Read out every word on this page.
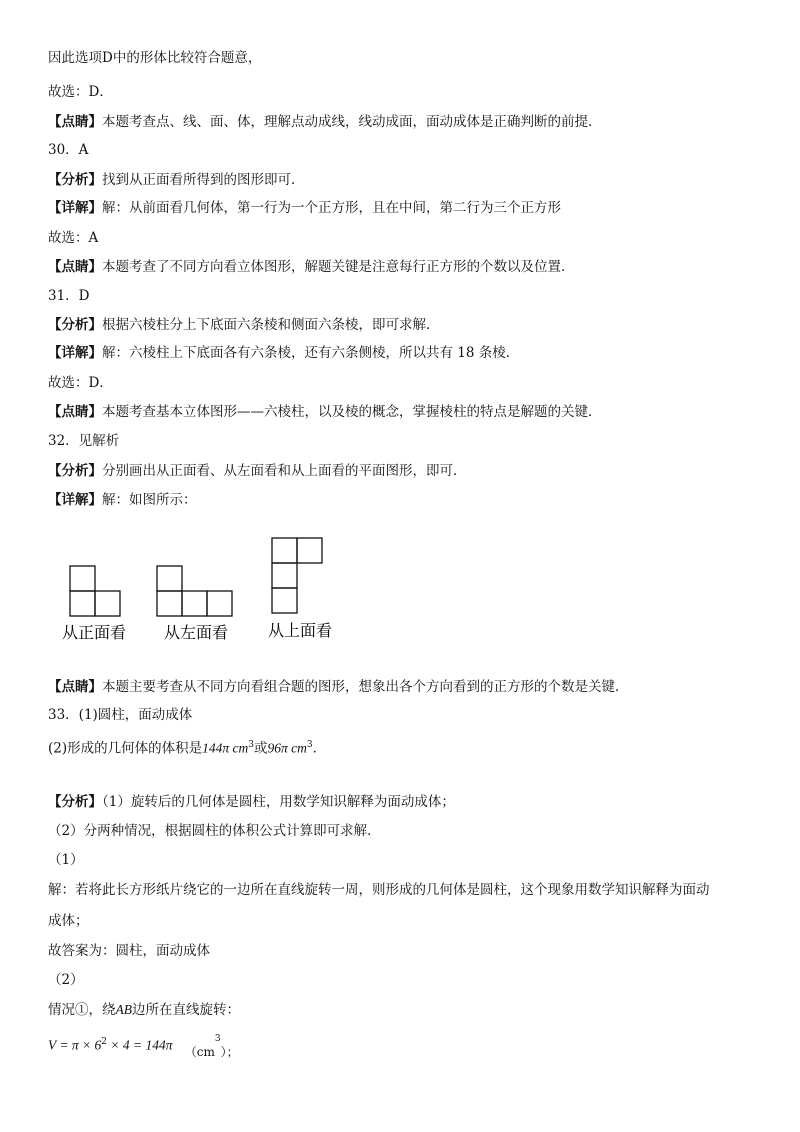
因此选项D中的形体比较符合题意，
故选：D．
【点睛】本题考查点、线、面、体，理解点动成线，线动成面，面动成体是正确判断的前提．
30．A
【分析】找到从正面看所得到的图形即可．
【详解】解：从前面看几何体，第一行为一个正方形，且在中间，第二行为三个正方形
故选：A
【点睛】本题考查了不同方向看立体图形，解题关键是注意每行正方形的个数以及位置．
31．D
【分析】根据六棱柱分上下底面六条棱和侧面六条棱，即可求解．
【详解】解：六棱柱上下底面各有六条棱，还有六条侧棱，所以共有 18 条棱．
故选：D．
【点睛】本题考查基本立体图形——六棱柱，以及棱的概念，掌握棱柱的特点是解题的关键．
32．见解析
【分析】分别画出从正面看、从左面看和从上面看的平面图形，即可．
【详解】解：如图所示：
从正面看 从左面看 从上面看
【点睛】本题主要考查从不同方向看组合题的图形，想象出各个方向看到的正方形的个数是关键．
33．(1)圆柱，面动成体
(2)形成的几何体的体积是144π $cm^3$或96π $cm^3$．
【分析】（1）旋转后的几何体是圆柱，用数学知识解释为面动成体；
（2）分两种情况，根据圆柱的体积公式计算即可求解．
（1）
解：若将此长方形纸片绕它的一边所在直线旋转一周，则形成的几何体是圆柱，这个现象用数学知识解释为面动
成体；
故答案为：圆柱，面动成体
（2）
情况①，绕AB边所在直线旋转：
$V = \pi \times 6^2 \times 4 = 144\pi$ $(cm^3)$；
